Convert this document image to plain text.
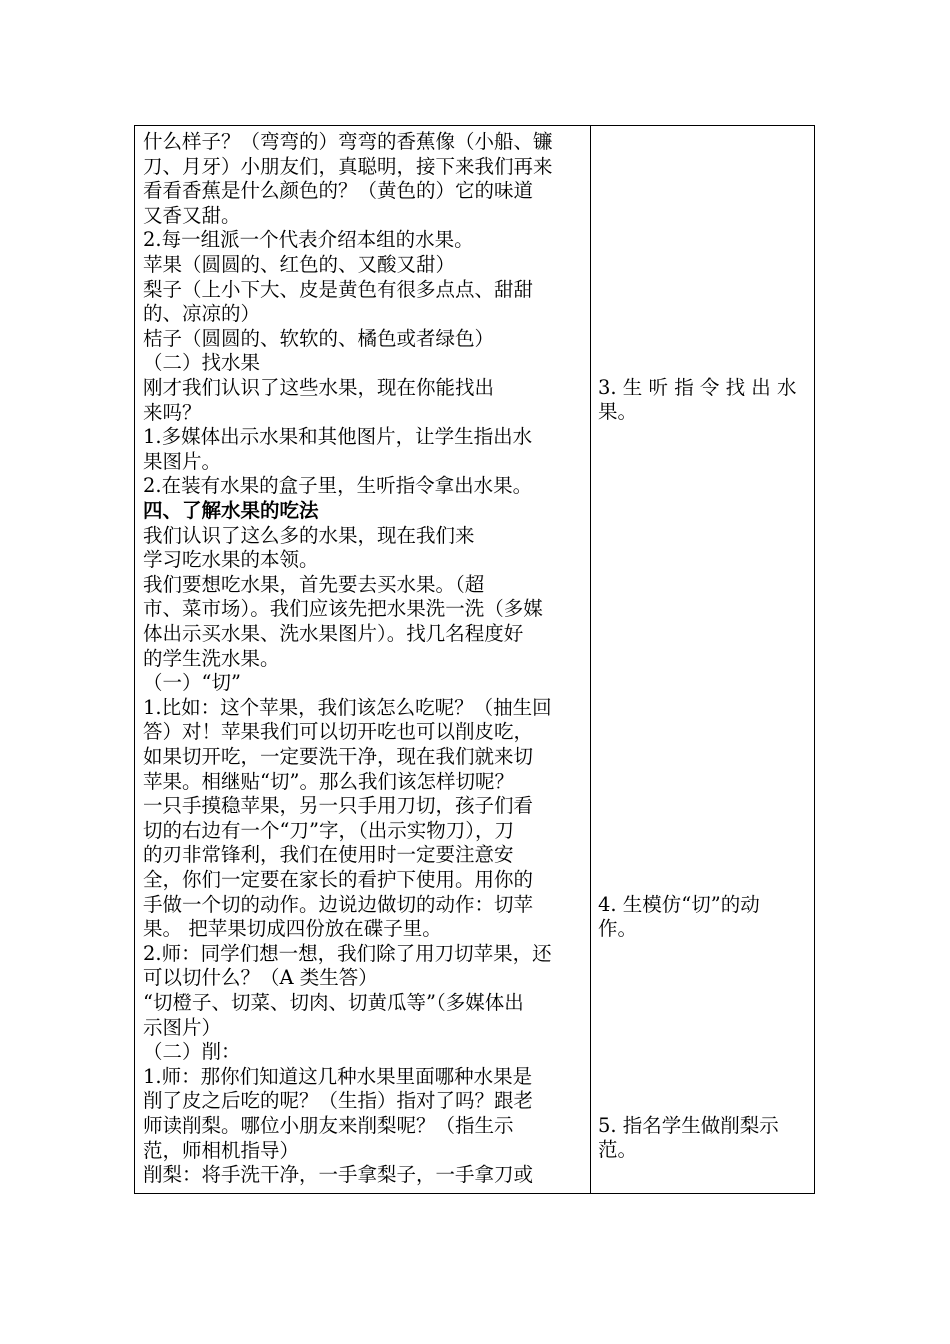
什么样子？（弯弯的）弯弯的香蕉像（小船、镰
刀、月牙）小朋友们，真聪明，接下来我们再来
看看香蕉是什么颜色的？（黄色的）它的味道
又香又甜。
2.每一组派一个代表介绍本组的水果。
苹果（圆圆的、红色的、又酸又甜）
梨子（上小下大、皮是黄色有很多点点、甜甜
的、凉凉的）
桔子（圆圆的、软软的、橘色或者绿色）
（二）找水果
刚才我们认识了这些水果，现在你能找出
来吗？
1.多媒体出示水果和其他图片，让学生指出水
果图片。
2.在装有水果的盒子里，生听指令拿出水果。
四、了解水果的吃法
我们认识了这么多的水果，现在我们来
学习吃水果的本领。
我们要想吃水果，首先要去买水果。（超
市、菜市场）。我们应该先把水果洗一洗（多媒
体出示买水果、洗水果图片）。找几名程度好
的学生洗水果。
（一）“切”
1.比如：这个苹果，我们该怎么吃呢？（抽生回
答）对！苹果我们可以切开吃也可以削皮吃，
如果切开吃，一定要洗干净，现在我们就来切
苹果。相继贴“切”。那么我们该怎样切呢？
一只手摸稳苹果，另一只手用刀切，孩子们看
切的右边有一个“刀”字，（出示实物刀），刀
的刃非常锋利，我们在使用时一定要注意安
全，你们一定要在家长的看护下使用。用你的
手做一个切的动作。边说边做切的动作：切苹
果。 把苹果切成四份放在碟子里。
2.师：同学们想一想，我们除了用刀切苹果，还
可以切什么？（A 类生答）
“切橙子、切菜、切肉、切黄瓜等”（多媒体出
示图片）
（二）削：
1.师：那你们知道这几种水果里面哪种水果是
削了皮之后吃的呢？（生指）指对了吗？跟老
师读削梨。哪位小朋友来削梨呢？（指生示
范，师相机指导）
削梨：将手洗干净，一手拿梨子，一手拿刀或
3. 生 听 指 令 找 出 水
果。
4. 生模仿“切”的动
作。
5. 指名学生做削梨示
范。
